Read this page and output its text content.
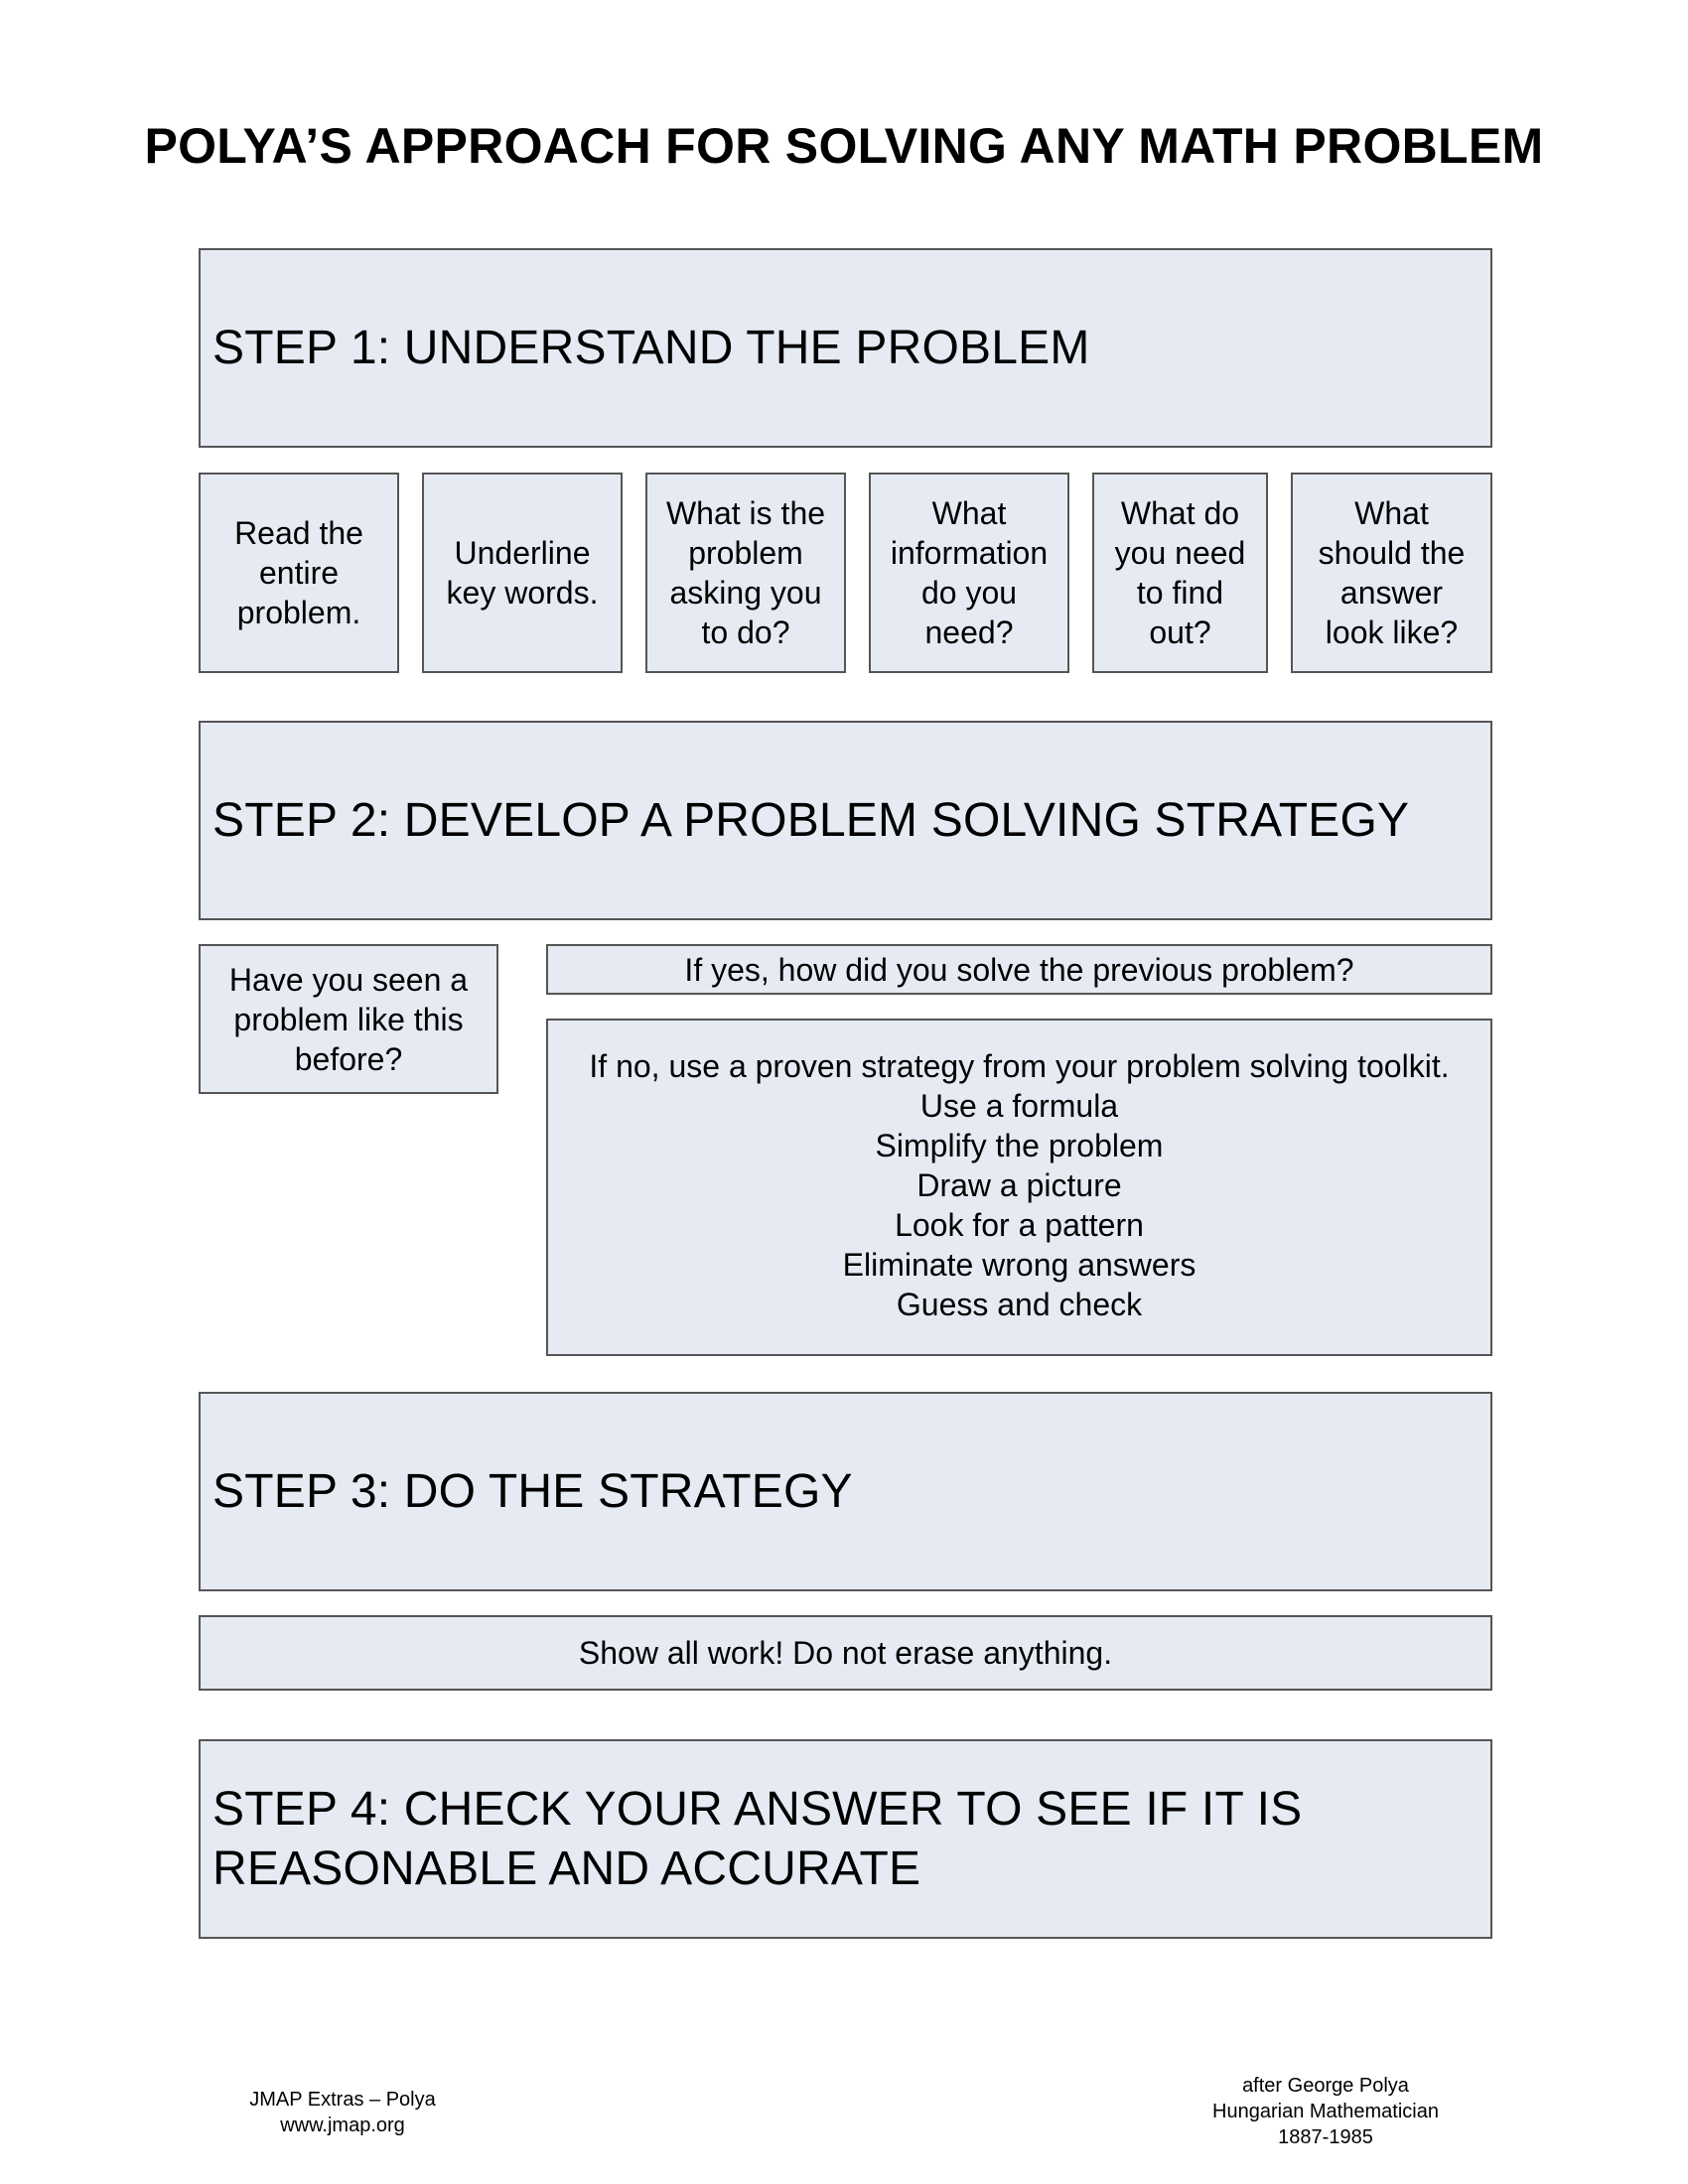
POLYA’S APPROACH FOR SOLVING ANY MATH PROBLEM
STEP 1: UNDERSTAND THE PROBLEM
Read the
entire
problem.
Underline
key words.
What is the
problem
asking you
to do?
What
information
do you
need?
What do
you need
to find
out?
What
should the
answer
look like?
STEP 2: DEVELOP A PROBLEM SOLVING STRATEGY
Have you seen a
problem like this
before?
If yes, how did you solve the previous problem?
If no, use a proven strategy from your problem solving toolkit.
Use a formula
Simplify the problem
Draw a picture
Look for a pattern
Eliminate wrong answers
Guess and check
STEP 3: DO THE STRATEGY
Show all work! Do not erase anything.
STEP 4: CHECK YOUR ANSWER TO SEE IF IT IS
REASONABLE AND ACCURATE
JMAP Extras – Polya
www.jmap.org
after George Polya
Hungarian Mathematician
1887-1985
